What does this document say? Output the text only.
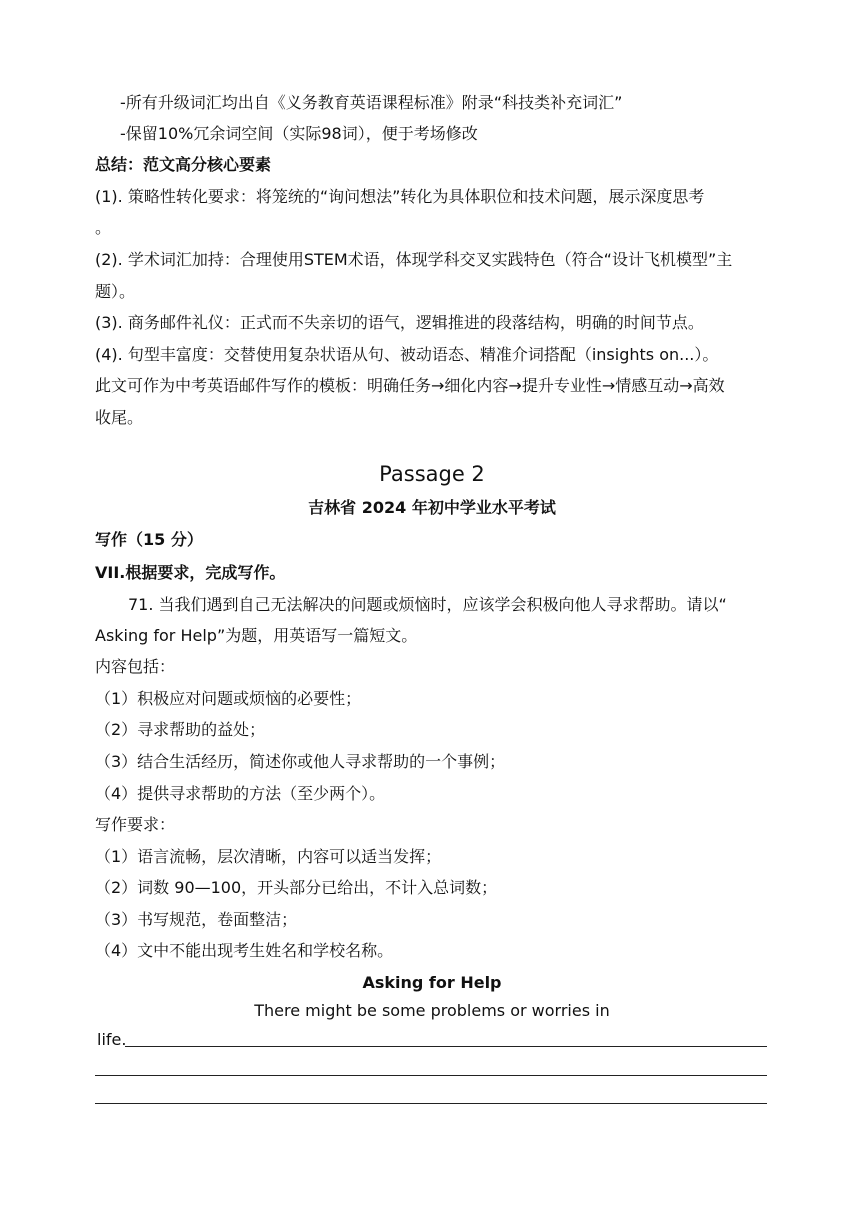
-所有升级词汇均出自《义务教育英语课程标准》附录“科技类补充词汇”
-保留10%冗余词空间（实际98词），便于考场修改
总结：范文高分核心要素
(1). 策略性转化要求：将笼统的“询问想法”转化为具体职位和技术问题，展示深度思考
。
(2). 学术词汇加持：合理使用STEM术语，体现学科交叉实践特色（符合“设计飞机模型”主
题）。
(3). 商务邮件礼仪：正式而不失亲切的语气，逻辑推进的段落结构，明确的时间节点。
(4). 句型丰富度：交替使用复杂状语从句、被动语态、精准介词搭配（insights on...）。
此文可作为中考英语邮件写作的模板：明确任务→细化内容→提升专业性→情感互动→高效
收尾。
Passage 2
吉林省 2024 年初中学业水平考试
写作（15 分）
VII.根据要求，完成写作。
71. 当我们遇到自己无法解决的问题或烦恼时，应该学会积极向他人寻求帮助。请以“
Asking for Help”为题，用英语写一篇短文。
内容包括：
（1）积极应对问题或烦恼的必要性；
（2）寻求帮助的益处；
（3）结合生活经历，简述你或他人寻求帮助的一个事例；
（4）提供寻求帮助的方法（至少两个）。
写作要求：
（1）语言流畅，层次清晰，内容可以适当发挥；
（2）词数 90—100，开头部分已给出，不计入总词数；
（3）书写规范，卷面整洁；
（4）文中不能出现考生姓名和学校名称。
Asking for Help
There might be some problems or worries in
life.
